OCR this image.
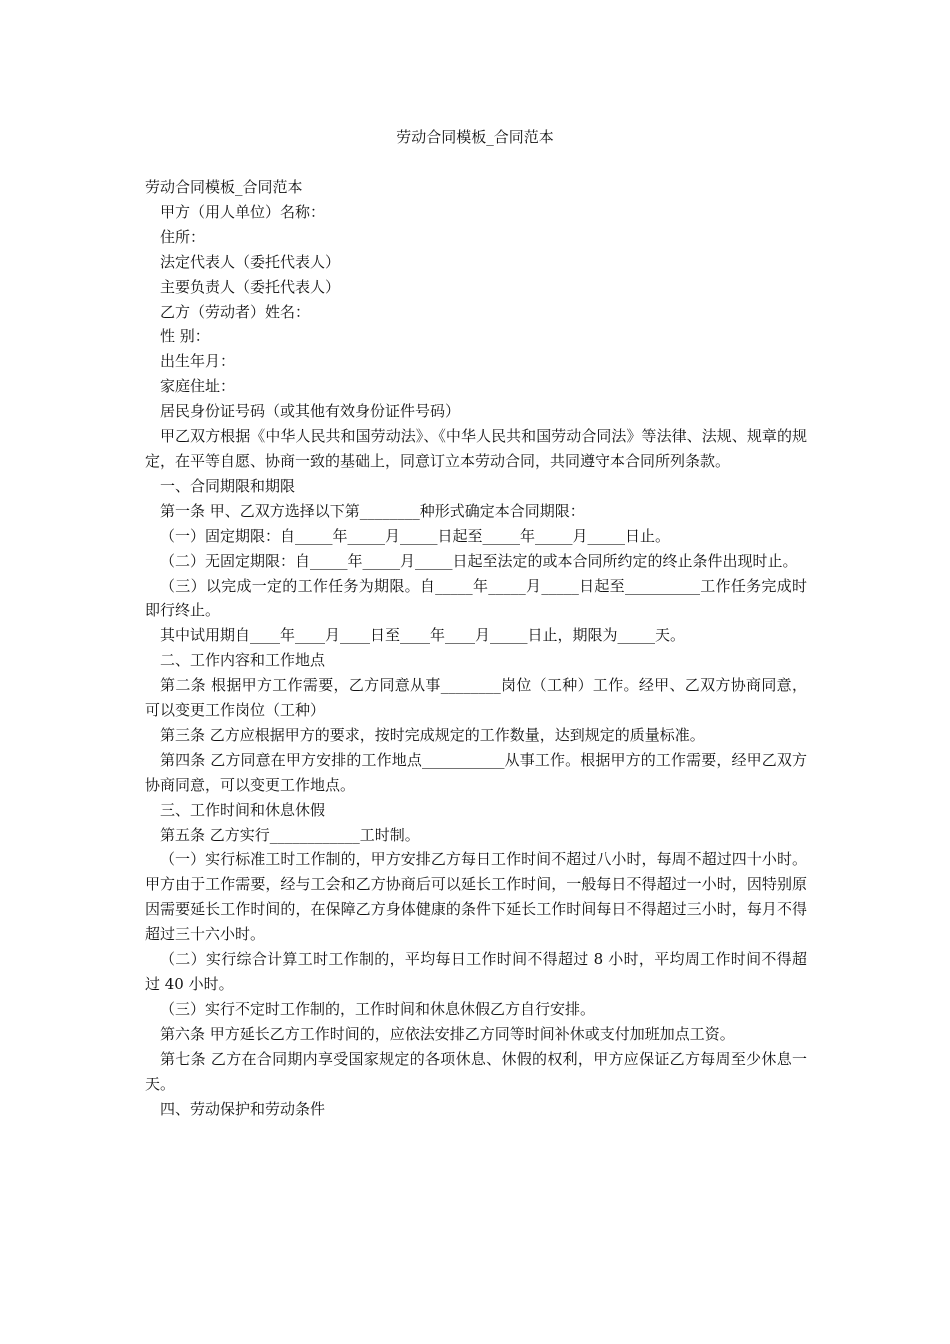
劳动合同模板_合同范本

劳动合同模板_合同范本

甲方（用人单位）名称：

住所：

法定代表人（委托代表人）

主要负责人（委托代表人）

乙方（劳动者）姓名：

性 别：

出生年月：

家庭住址：

居民身份证号码（或其他有效身份证件号码）

甲乙双方根据《中华人民共和国劳动法》、《中华人民共和国劳动合同法》等法律、法规、规章的规定，在平等自愿、协商一致的基础上，同意订立本劳动合同，共同遵守本合同所列条款。

一、合同期限和期限

第一条 甲、乙双方选择以下第________种形式确定本合同期限：

（一）固定期限：自_____年_____月_____日起至_____年_____月_____日止。

（二）无固定期限：自_____年_____月_____日起至法定的或本合同所约定的终止条件出现时止。

（三）以完成一定的工作任务为期限。自_____年_____月_____日起至__________工作任务完成时即行终止。

其中试用期自____年____月____日至____年____月_____日止，期限为_____天。

二、工作内容和工作地点

第二条 根据甲方工作需要，乙方同意从事________岗位（工种）工作。经甲、乙双方协商同意，可以变更工作岗位（工种）

第三条 乙方应根据甲方的要求，按时完成规定的工作数量，达到规定的质量标准。

第四条 乙方同意在甲方安排的工作地点___________从事工作。根据甲方的工作需要，经甲乙双方协商同意，可以变更工作地点。

三、工作时间和休息休假

第五条 乙方实行____________工时制。

（一）实行标准工时工作制的，甲方安排乙方每日工作时间不超过八小时，每周不超过四十小时。甲方由于工作需要，经与工会和乙方协商后可以延长工作时间，一般每日不得超过一小时，因特别原因需要延长工作时间的，在保障乙方身体健康的条件下延长工作时间每日不得超过三小时，每月不得超过三十六小时。

（二）实行综合计算工时工作制的，平均每日工作时间不得超过 8 小时，平均周工作时间不得超过 40 小时。

（三）实行不定时工作制的，工作时间和休息休假乙方自行安排。

第六条 甲方延长乙方工作时间的，应依法安排乙方同等时间补休或支付加班加点工资。

第七条 乙方在合同期内享受国家规定的各项休息、休假的权利，甲方应保证乙方每周至少休息一天。

四、劳动保护和劳动条件
